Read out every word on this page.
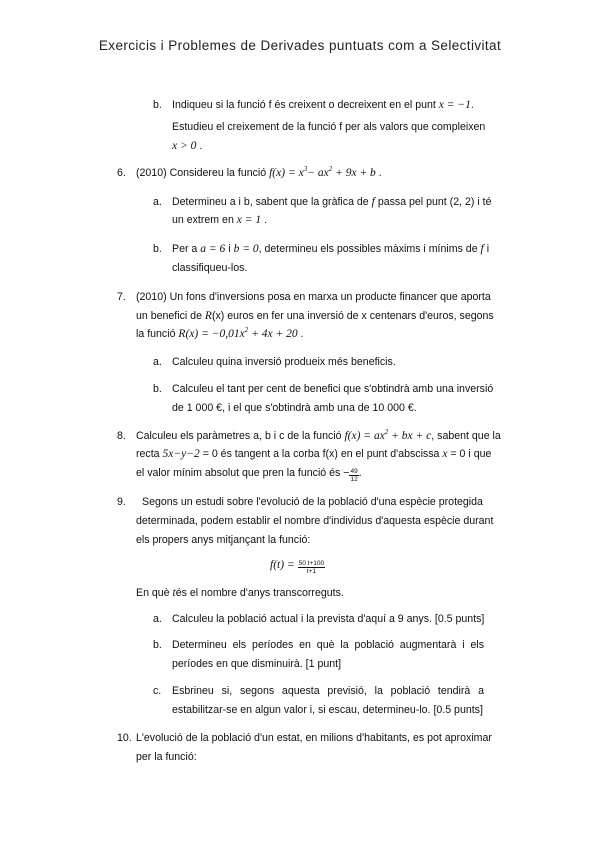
Exercicis i Problemes de Derivades puntuats com a Selectivitat
b. Indiqueu si la funció f és creixent o decreixent en el punt x = −1.
Estudieu el creixement de la funció f per als valors que compleixen
x > 0 .
6. (2010) Considereu la funció $f(x) = x^3- ax^2 + 9x + b$ .
a. Determineu a i b, sabent que la gràfica de f passa pel punt (2, 2) i té
un extrem en x = 1 .
b. Per a a = 6 i b = 0, determineu els possibles màxims i mínims de f i
classifiqueu-los.
7. (2010) Un fons d'inversions posa en marxa un producte financer que aporta
un benefici de R(x) euros en fer una inversió de x centenars d'euros, segons
la funció $R(x) = -0,01x^2 + 4x + 20$ .
a. Calculeu quina inversió produeix més beneficis.
b. Calculeu el tant per cent de benefici que s'obtindrà amb una inversió
de 1 000 €, i el que s'obtindrà amb una de 10 000 €.
8. Calculeu els paràmetres a, b i c de la funció $f(x) = ax^2$ + bx + c, sabent que la
recta 5x−y−2 = 0 és tangent a la corba f(x) en el punt d'abscissa x = 0 i que
el valor mínim absolut que pren la funció és − $\frac{49}{12}$ .
9. Segons un estudi sobre l'evolució de la població d'una espècie protegida
determinada, podem establir el nombre d'individus d'aquesta espècie durant
els propers anys mitjançant la funció:
$f(t) = \frac{50 t+100}{t+1}$
En què tés el nombre d'anys transcorreguts.
a. Calculeu la població actual i la prevista d'aquí a 9 anys. [0.5 punts]
b. Determineu els períodes en què la població augmentarà i els
períodes en que disminuirà. [1 punt]
c. Esbrineu si, segons aquesta previsió, la població tendirà a
estabilitzar-se en algun valor i, si escau, determineu-lo. [0.5 punts]
10. L'evolució de la població d'un estat, en milions d'habitants, es pot aproximar
per la funció:
